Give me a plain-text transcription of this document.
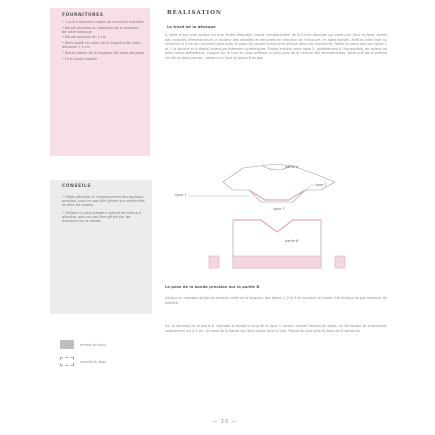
FOURNITURES
• 1 pull à manches raglan ou manches montées
• Bande pression ou plastique de la longueur de votre découpe
• Bande pression en 1 cm
• Biais replié en coton de la longueur de votre découpe + 5 cm
• Ruban italien de la longueur de votre découpe
• Fil à coudre assorti
CONSEILS

• Faites attention à l'emplacement des boutons-pression, pour ne pas être gênée aux extrémités et dans les angles.

• Utilisez un pied presseur spécial fermeture à glissière, pour ne pas être gênée par les pressions sur la bande.

envers du tissu
endroit du tissu
RÉALISATION
Le tracé de la découpe

À l'aide d'une craie tailleur ou d'un feutre effaçable, tracez l'emplacement de la future découpe sur votre pull. Pour ce faire, partez des coutures d'emmanchure, à hauteur des aisselles et remontez en direction de l'encolure, en ligne biaisée. Arrêtez votre trait au minimum à 4 cm de l'encolure pour avoir la place de coudre la mercerie prévue dans vos fournitures. Faites en sorte que vos lignes 1 et 2 (à gauche et à droite) soient parfaitement symétriques. Tracez ensuite votre ligne 3, parfaitement à l'horizontale, en reliant les deux tracés précédents. Coupez sur le trait en vous arrêtant au plus près de la couture des emmanchures. Votre pull est à présent scindé en deux parties : partie A en haut et partie B en bas.

partie A
ligne 2
ligne 1
ligne 3
partie B
La pose de la bande pression sur la partie B

Coupez un morceau de bande pression mâle de la longueur des lignes 1, 2 et 3 en ajoutant au moins 5-6 cm pour ne pas manquer de matière.

Sur la découpe de la partie B, épinglez la bande le long de la ligne 1, envers contre l'endroit du corps, en les faisant se chevaucher uniquement sur 0,5 cm. Le reste de la bande est donc posée dans le vide. Piquez au plus près du bord de la bande en

— 20 —
